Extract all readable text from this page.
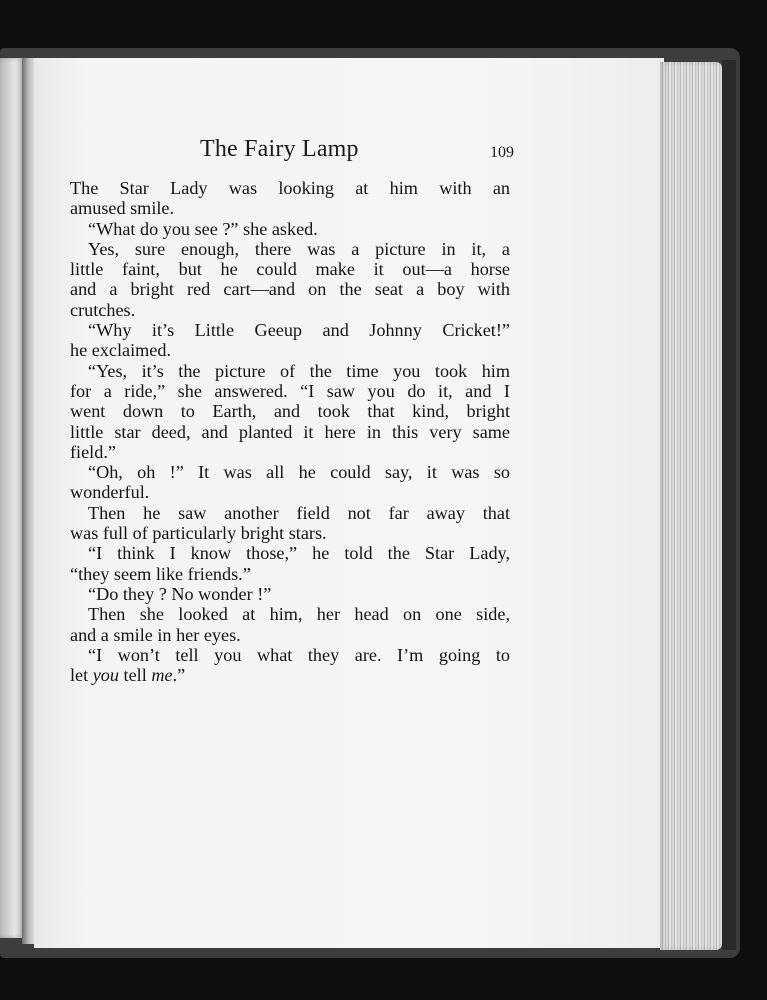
The Fairy Lamp	109
The Star Lady was looking at him with an
amused smile.
“What do you see ?” she asked.
Yes, sure enough, there was a picture in it, a
little faint, but he could make it out—a horse
and a bright red cart—and on the seat a boy with
crutches.
“Why it’s Little Geeup and Johnny Cricket!”
he exclaimed.
“Yes, it’s the picture of the time you took him
for a ride,” she answered. “I saw you do it, and I
went down to Earth, and took that kind, bright
little star deed, and planted it here in this very same
field.”
“Oh, oh !” It was all he could say, it was so
wonderful.
Then he saw another field not far away that
was full of particularly bright stars.
“I think I know those,” he told the Star Lady,
“they seem like friends.”
“Do they ? No wonder !”
Then she looked at him, her head on one side,
and a smile in her eyes.
“I won’t tell you what they are. I’m going to
let you tell me.”
